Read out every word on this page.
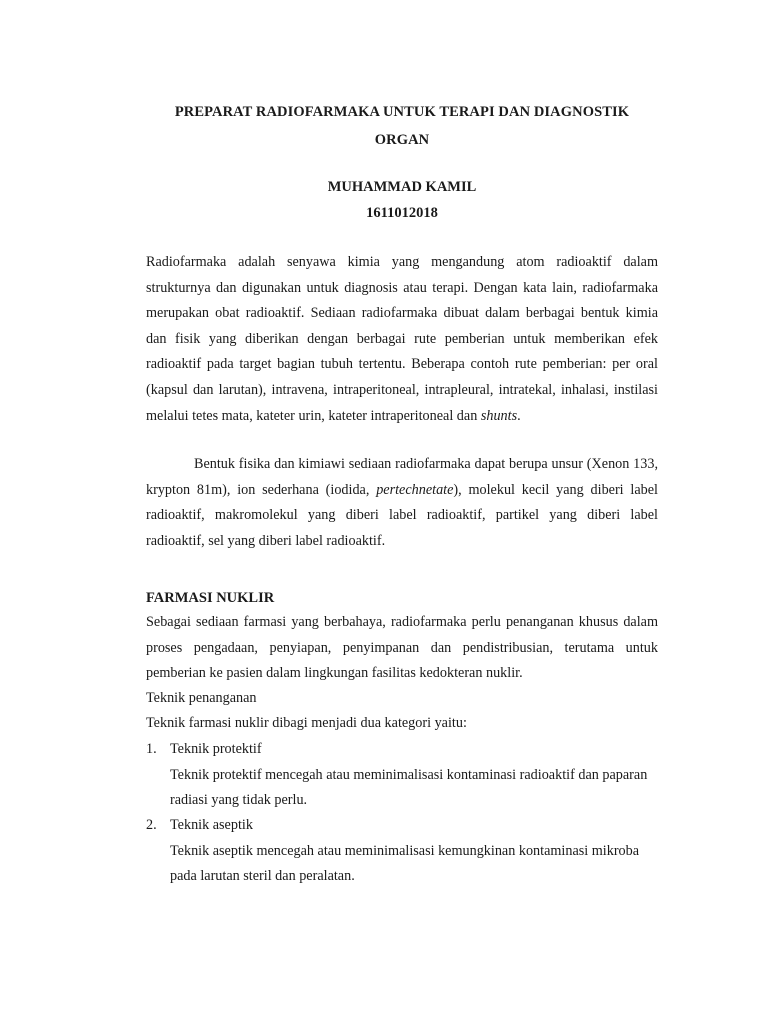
PREPARAT RADIOFARMAKA UNTUK TERAPI DAN DIAGNOSTIK
ORGAN
MUHAMMAD KAMIL
1611012018
Radiofarmaka adalah senyawa kimia yang mengandung atom radioaktif dalam strukturnya dan digunakan untuk diagnosis atau terapi. Dengan kata lain, radiofarmaka merupakan obat radioaktif. Sediaan radiofarmaka dibuat dalam berbagai bentuk kimia dan fisik yang diberikan dengan berbagai rute pemberian untuk memberikan efek radioaktif pada target bagian tubuh tertentu. Beberapa contoh rute pemberian: per oral (kapsul dan larutan), intravena, intraperitoneal, intrapleural, intratekal, inhalasi, instilasi melalui tetes mata, kateter urin, kateter intraperitoneal dan shunts.
Bentuk fisika dan kimiawi sediaan radiofarmaka dapat berupa unsur (Xenon 133, krypton 81m), ion sederhana (iodida, pertechnetate), molekul kecil yang diberi label radioaktif, makromolekul yang diberi label radioaktif, partikel yang diberi label radioaktif, sel yang diberi label radioaktif.
FARMASI NUKLIR
Sebagai sediaan farmasi yang berbahaya, radiofarmaka perlu penanganan khusus dalam proses pengadaan, penyiapan, penyimpanan dan pendistribusian, terutama untuk pemberian ke pasien dalam lingkungan fasilitas kedokteran nuklir.
Teknik penanganan
Teknik farmasi nuklir dibagi menjadi dua kategori yaitu:
1. Teknik protektif
Teknik protektif mencegah atau meminimalisasi kontaminasi radioaktif dan paparan radiasi yang tidak perlu.
2. Teknik aseptik
Teknik aseptik mencegah atau meminimalisasi kemungkinan kontaminasi mikroba pada larutan steril dan peralatan.
